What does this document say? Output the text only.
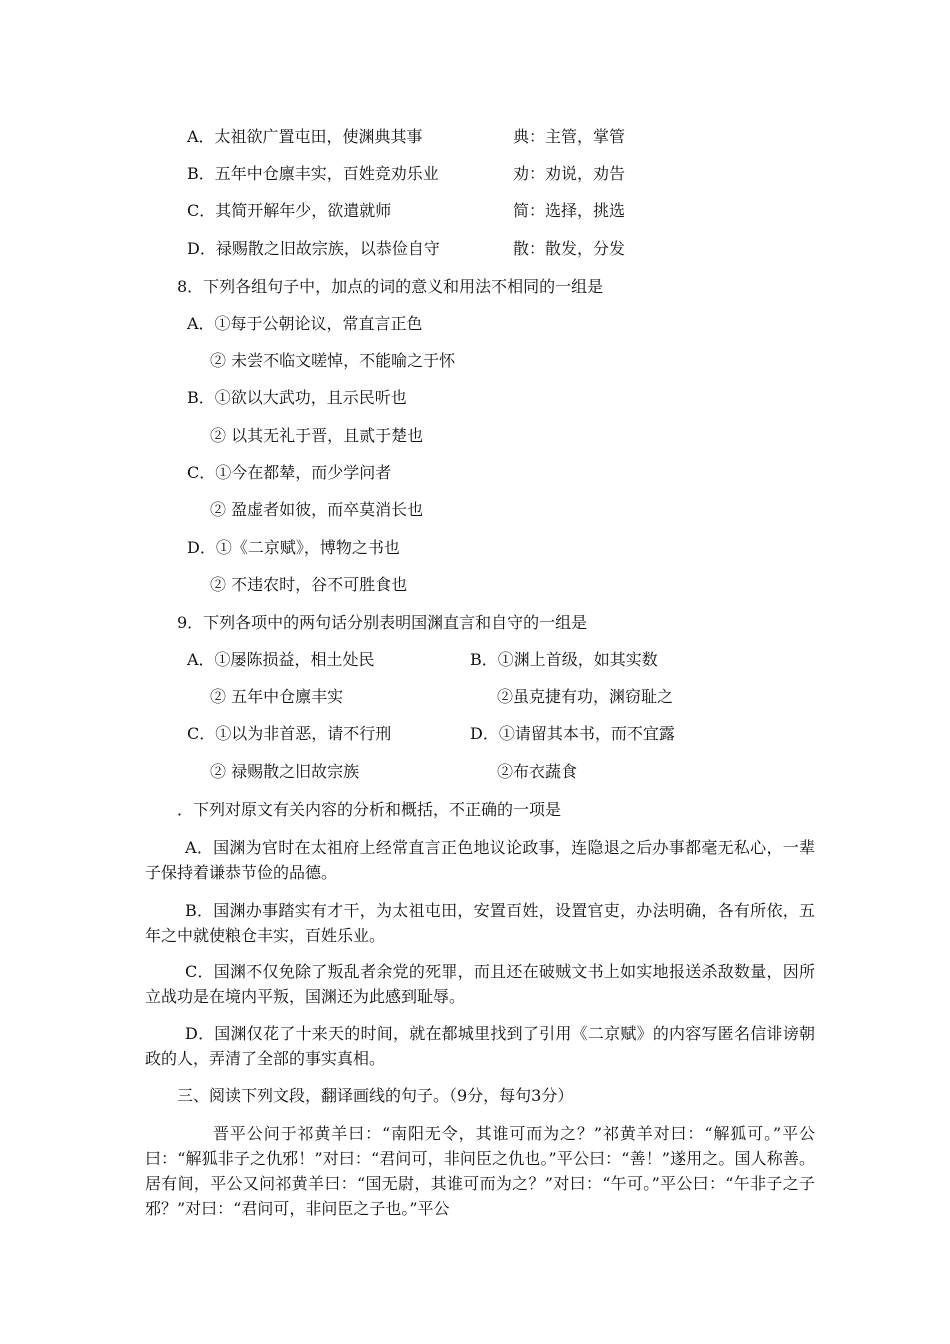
A．太祖欲广置屯田，使渊典其事	典：主管，掌管
B．五年中仓廪丰实，百姓竞劝乐业	劝：劝说，劝告
C．其简开解年少，欲遣就师	简：选择，挑选
D．禄赐散之旧故宗族，以恭俭自守	散：散发，分发
8．下列各组句子中，加点的词的意义和用法不相同的一组是
A．①每于公朝论议，常直言正色
② 未尝不临文嗟悼，不能喻之于怀
B．①欲以大武功，且示民听也
② 以其无礼于晋，且贰于楚也
C．①今在都辇，而少学问者
② 盈虚者如彼，而卒莫消长也
D．①《二京赋》，博物之书也
② 不违农时，谷不可胜食也
9．下列各项中的两句话分别表明国渊直言和自守的一组是
A．①屡陈损益，相土处民	B．①渊上首级，如其实数
② 五年中仓廪丰实	②虽克捷有功，渊窃耻之
C．①以为非首恶，请不行刑	D．①请留其本书，而不宜露
② 禄赐散之旧故宗族	②布衣蔬食
．下列对原文有关内容的分析和概括，不正确的一项是
A．国渊为官时在太祖府上经常直言正色地议论政事，连隐退之后办事都毫无私心，一辈子保持着谦恭节俭的品德。
B．国渊办事踏实有才干，为太祖屯田，安置百姓，设置官吏，办法明确，各有所依，五年之中就使粮仓丰实，百姓乐业。
C．国渊不仅免除了叛乱者余党的死罪，而且还在破贼文书上如实地报送杀敌数量，因所立战功是在境内平叛，国渊还为此感到耻辱。
D．国渊仅花了十来天的时间，就在都城里找到了引用《二京赋》的内容写匿名信诽谤朝政的人，弄清了全部的事实真相。
三、阅读下列文段，翻译画线的句子。（9分，每句3分）
晋平公问于祁黄羊曰：“南阳无令，其谁可而为之？”祁黄羊对曰：“解狐可。”平公曰：“解狐非子之仇邪！”对曰：“君问可，非问臣之仇也。”平公曰：“善！”遂用之。国人称善。居有间，平公又问祁黄羊曰：“国无尉，其谁可而为之？”对曰：“午可。”平公曰：“午非子之子邪？”对曰：“君问可，非问臣之子也。”平公
